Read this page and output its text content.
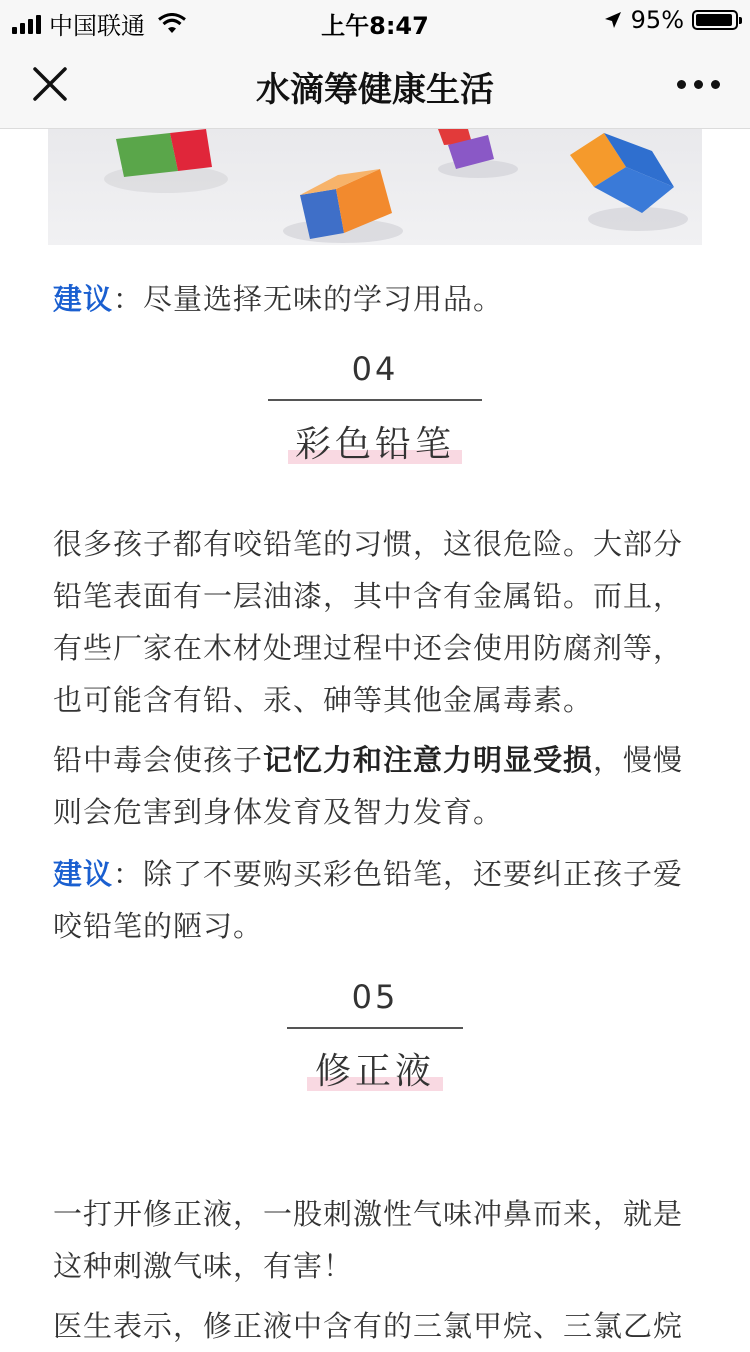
中国联通	上午8:47	95%
水滴筹健康生活

建议：尽量选择无味的学习用品。

04
彩色铅笔

很多孩子都有咬铅笔的习惯，这很危险。大部分铅笔表面有一层油漆，其中含有金属铅。而且，有些厂家在木材处理过程中还会使用防腐剂等，也可能含有铅、汞、砷等其他金属毒素。

铅中毒会使孩子记忆力和注意力明显受损，慢慢则会危害到身体发育及智力发育。

建议：除了不要购买彩色铅笔，还要纠正孩子爱咬铅笔的陋习。

05
修正液

一打开修正液，一股刺激性气味冲鼻而来，就是这种刺激气味，有害！

医生表示，修正液中含有的三氯甲烷、三氯乙烷
